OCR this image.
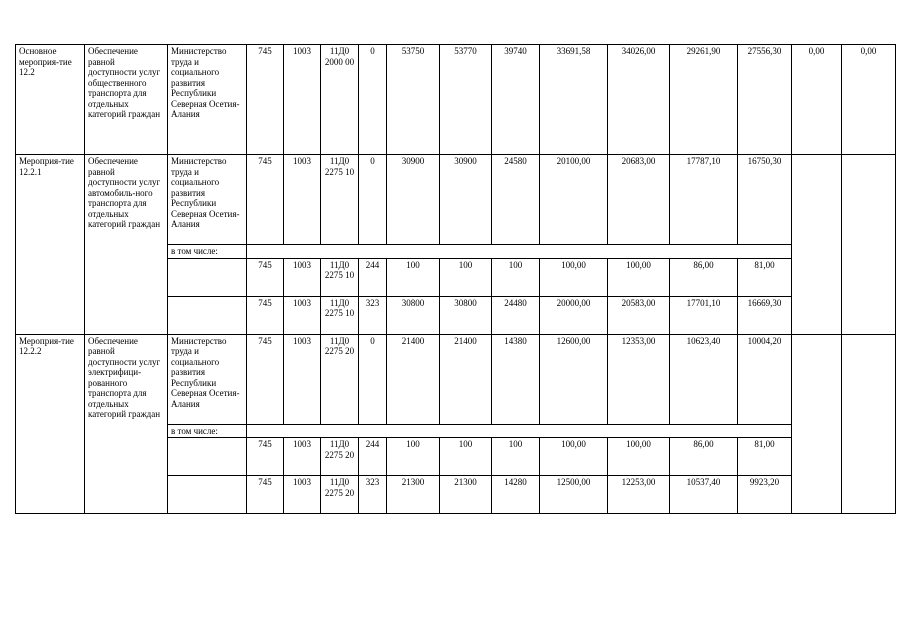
Основное мероприя-тие 12.2	Обеспечение равной доступности услуг общественного транспорта для отдельных категорий граждан	Министерство труда и социального развития Республики Северная Осетия-Алания	745	1003	11Д0 2000 00	0	53750	53770	39740	33691,58	34026,00	29261,90	27556,30	0,00	0,00
Мероприя-тие 12.2.1	Обеспечение равной доступности услуг автомобиль-ного транспорта для отдельных категорий граждан	Министерство труда и социального развития Республики Северная Осетия-Алания	745	1003	11Д0 2275 10	0	30900	30900	24580	20100,00	20683,00	17787,10	16750,30		
		в том числе:													
			745	1003	11Д0 2275 10	244	100	100	100	100,00	100,00	86,00	81,00		
			745	1003	11Д0 2275 10	323	30800	30800	24480	20000,00	20583,00	17701,10	16669,30		
Мероприя-тие 12.2.2	Обеспечение равной доступности услуг электрифици-рованного транспорта для отдельных категорий граждан	Министерство труда и социального развития Республики Северная Осетия-Алания	745	1003	11Д0 2275 20	0	21400	21400	14380	12600,00	12353,00	10623,40	10004,20		
		в том числе:													
			745	1003	11Д0 2275 20	244	100	100	100	100,00	100,00	86,00	81,00		
			745	1003	11Д0 2275 20	323	21300	21300	14280	12500,00	12253,00	10537,40	9923,20		
